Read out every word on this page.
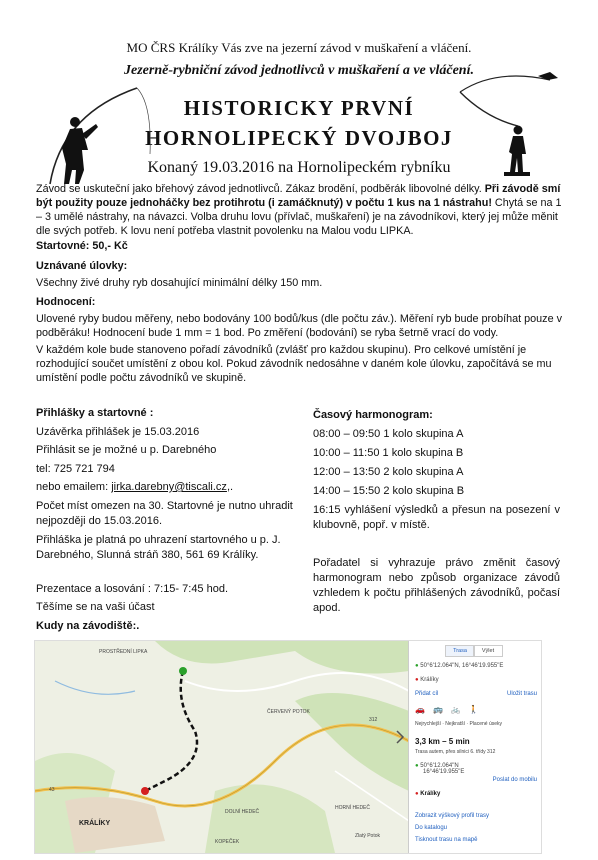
MO ČRS Králíky Vás zve na jezerní závod v muškaření a vláčení.
Jezerně-rybniční závod jednotlivců v muškaření a ve vláčení.
HISTORICKY PRVNÍ
HORNOLIPECKÝ DVOJBOJ
Konaný 19.03.2016 na Hornolipeckém rybníku
Závod se uskuteční jako břehový závod jednotlivců. Zákaz brodění, podběrák libovolné délky. Při závodě smí být použity pouze jednoháčky bez protihrotu (i zamáčknutý) v počtu 1 kus na 1 nástrahu! Chytá se na 1 – 3 umělé nástrahy, na návazci. Volba druhu lovu (přívlač, muškaření) je na závodníkovi, který jej může měnit dle svých potřeb. K lovu není potřeba vlastnit povolenku na Malou vodu LIPKA.
Startovné: 50,- Kč
Uznávané úlovky:
Všechny živé druhy ryb dosahující minimální délky 150 mm.
Hodnocení:
Ulovené ryby budou měřeny, nebo bodovány 100 bodů/kus (dle počtu záv.). Měření ryb bude probíhat pouze v podběráku! Hodnocení bude 1 mm = 1 bod. Po změření (bodování) se ryba šetrně vrací do vody.
V každém kole bude stanoveno pořadí závodníků (zvlášť pro každou skupinu). Pro celkové umístění je rozhodující součet umístění z obou kol. Pokud závodník nedosáhne v daném kole úlovku, započítává se mu umístění podle počtu závodníků ve skupině.
Přihlášky a startovné :
Uzávěrka přihlášek je 15.03.2016
Přihlásit se je možné u p. Darebného
tel: 725 721 794
nebo emailem: jirka.darebny@tiscali.cz,.
Počet míst omezen na 30. Startovné je nutno uhradit nejpozději do 15.03.2016.
Přihláška je platná po uhrazení startovného u p. J. Darebného, Slunná stráň 380, 561 69 Králíky.
Prezentace a losování : 7:15- 7:45 hod.
Těšíme se na vaši účast
Kudy na závodiště:.
Časový harmonogram:
08:00 – 09:50 1 kolo skupina A
10:00 – 11:50 1 kolo skupina B
12:00 – 13:50 2 kolo skupina A
14:00 – 15:50 2 kolo skupina B
16:15 vyhlášení výsledků a přesun na posezení v klubovně, popř. v místě.
Pořadatel si vyhrazuje právo změnit časový harmonogram nebo způsob organizace závodů vzhledem k počtu přihlášených závodníků, počasí apod.
PROSTŘEDNÍ LIPKA
ČERVENÝ POTOK
DOLNÍ HEDEČ
HORNÍ HEDEČ
KRÁLÍKY
KOPEČEK
Zlatý Potok
43
312
Trasa	Výlet
● 50°6'12.064"N, 16°46'19.955"E
● Králíky
Přidat cíl	Uložit trasu
🚗🚌🚲🚶
Nejrychlejší · Nejkratší · Placené úseky
3,3 km – 5 min
Trasa autem, přes silnici 6. třídy 312
● 50°6'12.064"N
16°46'19.955"E
Poslat do mobilu
● Králíky
Zobrazit výškový profil trasy
Do katalogu
Tisknout trasu na mapě
